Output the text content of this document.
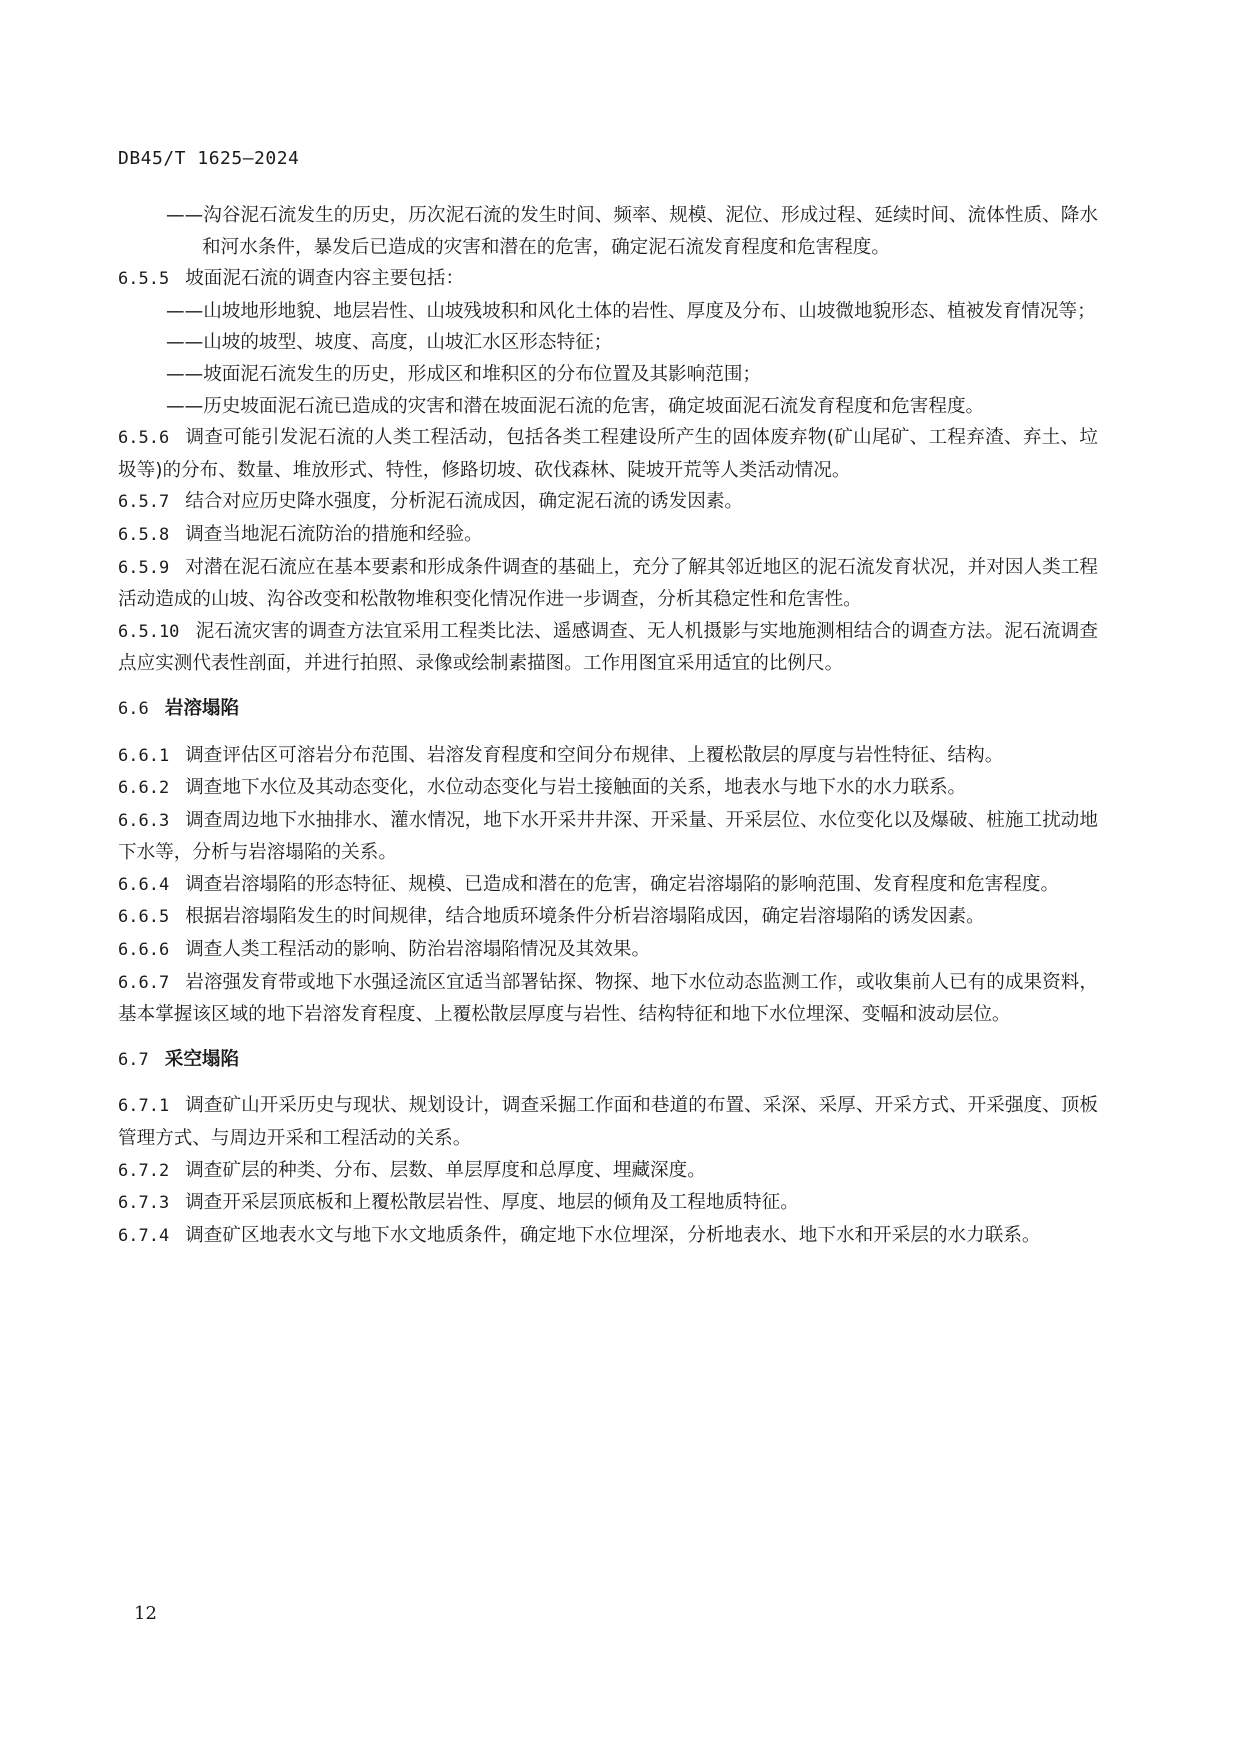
DB45/T 1625—2024

——沟谷泥石流发生的历史，历次泥石流的发生时间、频率、规模、泥位、形成过程、延续时间、流体性质、降水和河水条件，暴发后已造成的灾害和潜在的危害，确定泥石流发育程度和危害程度。

6.5.5 坡面泥石流的调查内容主要包括：

——山坡地形地貌、地层岩性、山坡残坡积和风化土体的岩性、厚度及分布、山坡微地貌形态、植被发育情况等；

——山坡的坡型、坡度、高度，山坡汇水区形态特征；

——坡面泥石流发生的历史，形成区和堆积区的分布位置及其影响范围；

——历史坡面泥石流已造成的灾害和潜在坡面泥石流的危害，确定坡面泥石流发育程度和危害程度。

6.5.6 调查可能引发泥石流的人类工程活动，包括各类工程建设所产生的固体废弃物(矿山尾矿、工程弃渣、弃土、垃圾等)的分布、数量、堆放形式、特性，修路切坡、砍伐森林、陡坡开荒等人类活动情况。

6.5.7 结合对应历史降水强度，分析泥石流成因，确定泥石流的诱发因素。

6.5.8 调查当地泥石流防治的措施和经验。

6.5.9 对潜在泥石流应在基本要素和形成条件调查的基础上，充分了解其邻近地区的泥石流发育状况，并对因人类工程活动造成的山坡、沟谷改变和松散物堆积变化情况作进一步调查，分析其稳定性和危害性。

6.5.10 泥石流灾害的调查方法宜采用工程类比法、遥感调查、无人机摄影与实地施测相结合的调查方法。泥石流调查点应实测代表性剖面，并进行拍照、录像或绘制素描图。工作用图宜采用适宜的比例尺。

6.6 岩溶塌陷

6.6.1 调查评估区可溶岩分布范围、岩溶发育程度和空间分布规律、上覆松散层的厚度与岩性特征、结构。

6.6.2 调查地下水位及其动态变化，水位动态变化与岩土接触面的关系，地表水与地下水的水力联系。

6.6.3 调查周边地下水抽排水、灌水情况，地下水开采井井深、开采量、开采层位、水位变化以及爆破、桩施工扰动地下水等，分析与岩溶塌陷的关系。

6.6.4 调查岩溶塌陷的形态特征、规模、已造成和潜在的危害，确定岩溶塌陷的影响范围、发育程度和危害程度。

6.6.5 根据岩溶塌陷发生的时间规律，结合地质环境条件分析岩溶塌陷成因，确定岩溶塌陷的诱发因素。

6.6.6 调查人类工程活动的影响、防治岩溶塌陷情况及其效果。

6.6.7 岩溶强发育带或地下水强迳流区宜适当部署钻探、物探、地下水位动态监测工作，或收集前人已有的成果资料，基本掌握该区域的地下岩溶发育程度、上覆松散层厚度与岩性、结构特征和地下水位埋深、变幅和波动层位。

6.7 采空塌陷

6.7.1 调查矿山开采历史与现状、规划设计，调查采掘工作面和巷道的布置、采深、采厚、开采方式、开采强度、顶板管理方式、与周边开采和工程活动的关系。

6.7.2 调查矿层的种类、分布、层数、单层厚度和总厚度、埋藏深度。

6.7.3 调查开采层顶底板和上覆松散层岩性、厚度、地层的倾角及工程地质特征。

6.7.4 调查矿区地表水文与地下水文地质条件，确定地下水位埋深，分析地表水、地下水和开采层的水力联系。

12
